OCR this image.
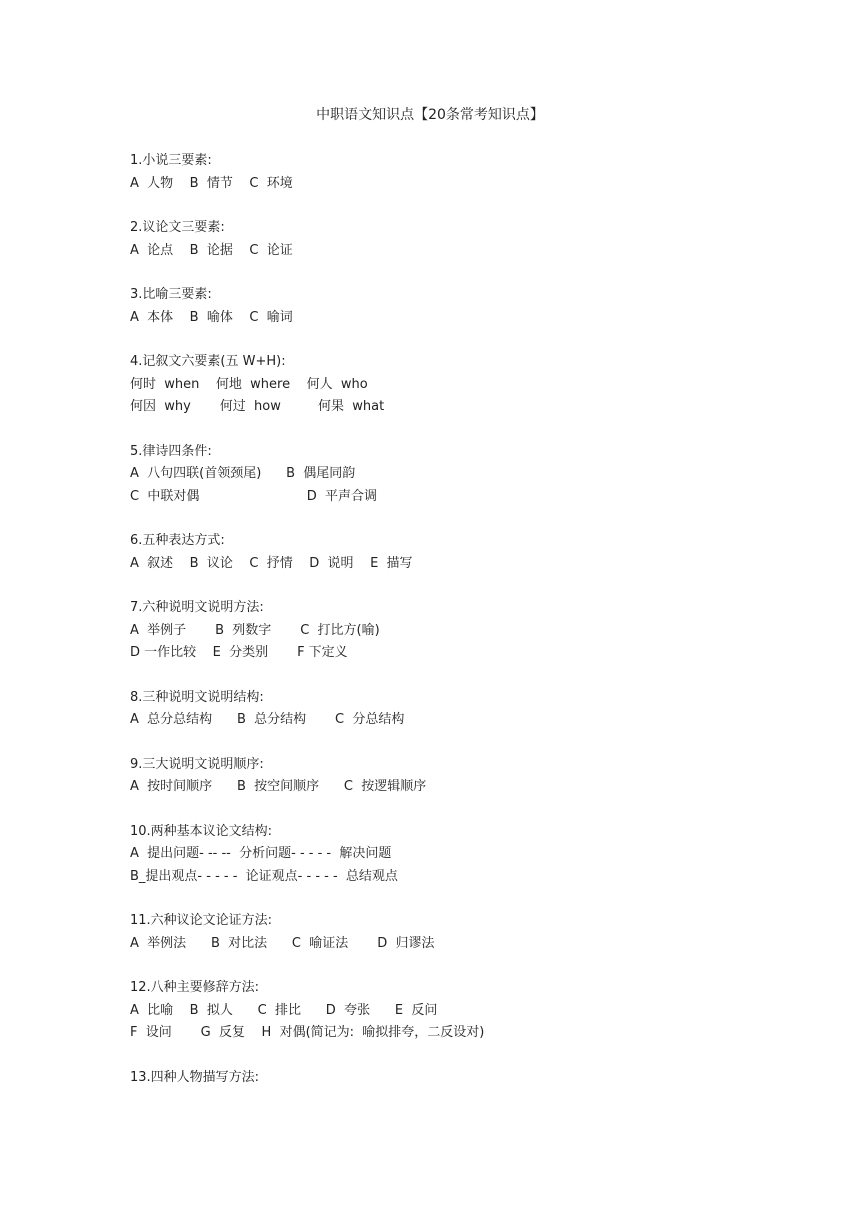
中职语文知识点【20条常考知识点】
1.小说三要素:
A  人物    B  情节    C  环境
2.议论文三要素:
A  论点    B  论据    C  论证
3.比喻三要素:
A  本体    B  喻体    C  喻词
4.记叙文六要素(五 W+H):
何时  when    何地  where    何人  who
何因  why       何过  how         何果  what
5.律诗四条件:
A  八句四联(首领颈尾)      B  偶尾同韵
C  中联对偶                          D  平声合调
6.五种表达方式:
A  叙述    B  议论    C  抒情    D  说明    E  描写
7.六种说明文说明方法:
A  举例子       B  列数字       C  打比方(喻)
D 一作比较    E  分类别       F 下定义
8.三种说明文说明结构:
A  总分总结构      B  总分结构       C  分总结构
9.三大说明文说明顺序:
A  按时间顺序      B  按空间顺序      C  按逻辑顺序
10.两种基本议论文结构:
A  提出问题- -- --  分析问题- - - - -  解决问题
B_提出观点- - - - -  论证观点- - - - -  总结观点
11.六种议论文论证方法:
A  举例法      B  对比法      C  喻证法       D  归谬法
12.八种主要修辞方法:
A  比喻    B  拟人      C  排比      D  夸张      E  反问
F  设问       G  反复    H  对偶(简记为:  喻拟排夸，二反设对)
13.四种人物描写方法:
